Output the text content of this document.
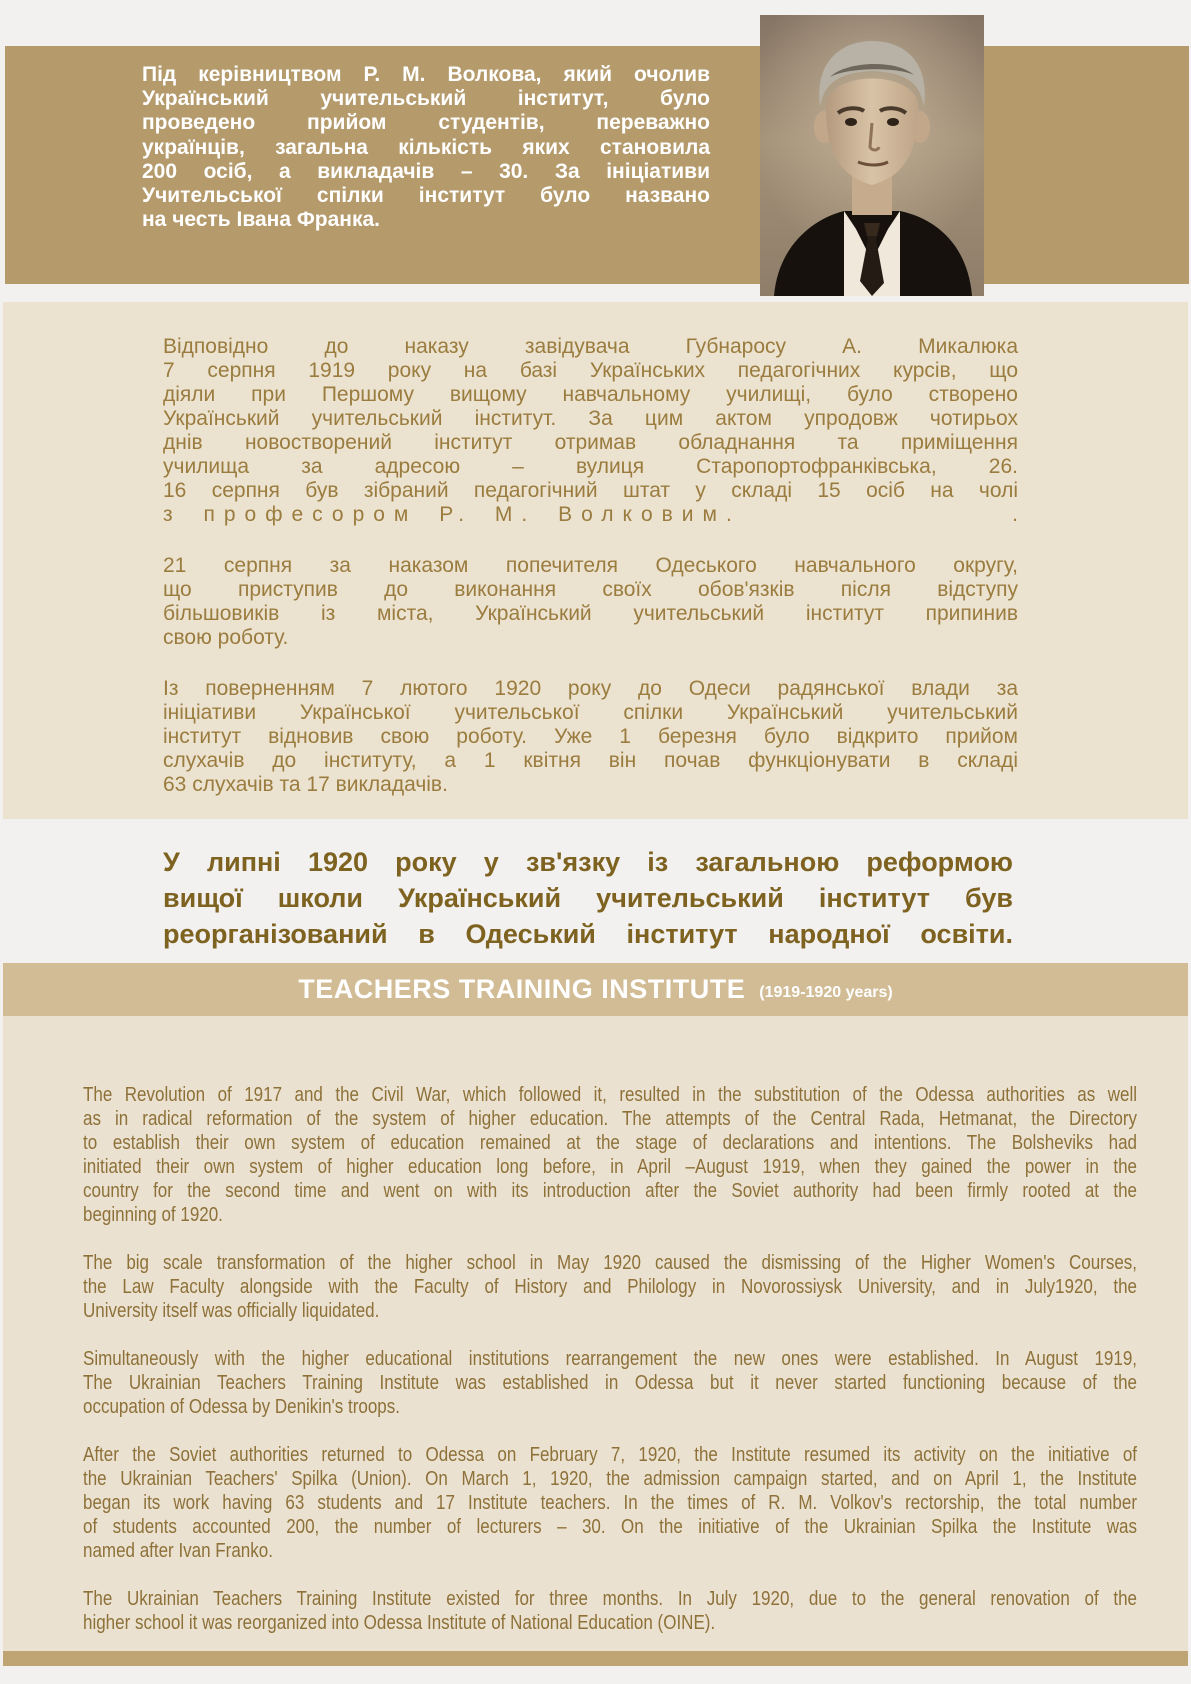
Під керівництвом Р. М. Волкова, який очолив
Український учительський інститут, було
проведено прийом студентів, переважно
українців, загальна кількість яких становила
200 осіб, а викладачів – 30. За ініціативи
Учительської спілки інститут було названо
на честь Івана Франка.
Відповідно до наказу завідувача Губнаросу А. Микалюка
7 серпня 1919 року на базі Українських педагогічних курсів, що
діяли при Першому вищому навчальному училищі, було створено
Український учительський інститут. За цим актом упродовж чотирьох
днів новостворений інститут отримав обладнання та приміщення
училища за адресою – вулиця Старопортофранківська, 26.
16 серпня був зібраний педагогічний штат у складі 15 осіб на чолі
з професором Р. М. Волковим.	.
21 серпня за наказом попечителя Одеського навчального округу,
що приступив до виконання своїх обов'язків після відступу
більшовиків із міста, Український учительський інститут припинив
свою роботу.
Із поверненням 7 лютого 1920 року до Одеси радянської влади за
ініціативи Української учительської спілки Український учительський
інститут відновив свою роботу. Уже 1 березня було відкрито прийом
слухачів до інституту, а 1 квітня він почав функціонувати в складі
63 слухачів та 17 викладачів.
У липні 1920 року у зв'язку із загальною реформою
вищої школи Український учительський інститут був
реорганізований в Одеський інститут народної освіти.
TEACHERS TRAINING INSTITUTE (1919-1920 years)
The Revolution of 1917 and the Civil War, which followed it, resulted in the substitution of the Odessa authorities as well
as in radical reformation of the system of higher education. The attempts of the Central Rada, Hetmanat, the Directory
to establish their own system of education remained at the stage of declarations and intentions. The Bolsheviks had
initiated their own system of higher education long before, in April –August 1919, when they gained the power in the
country for the second time and went on with its introduction after the Soviet authority had been firmly rooted at the
beginning of 1920.
The big scale transformation of the higher school in May 1920 caused the dismissing of the Higher Women's Courses,
the Law Faculty alongside with the Faculty of History and Philology in Novorossiysk University, and in July1920, the
University itself was officially liquidated.
Simultaneously with the higher educational institutions rearrangement the new ones were established. In August 1919,
The Ukrainian Teachers Training Institute was established in Odessa but it never started functioning because of the
occupation of Odessa by Denikin's troops.
After the Soviet authorities returned to Odessa on February 7, 1920, the Institute resumed its activity on the initiative of
the Ukrainian Teachers' Spilka (Union). On March 1, 1920, the admission campaign started, and on April 1, the Institute
began its work having 63 students and 17 Institute teachers. In the times of R. M. Volkov's rectorship, the total number
of students accounted 200, the number of lecturers – 30. On the initiative of the Ukrainian Spilka the Institute was
named after Ivan Franko.
The Ukrainian Teachers Training Institute existed for three months. In July 1920, due to the general renovation of the
higher school it was reorganized into Odessa Institute of National Education (OINE).
